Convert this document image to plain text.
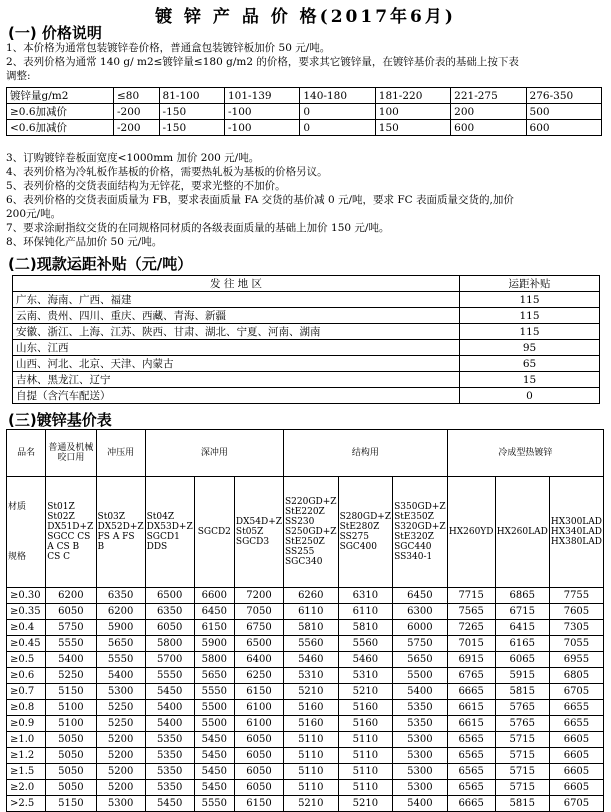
镀 锌 产 品 价 格(2017年6月)
(一) 价格说明
1、本价格为通常包装镀锌卷价格，普通盒包装镀锌板加价 50 元/吨。
2、表列价格为通常 140 g/ m2≤镀锌量≤180 g/m2 的价格，要求其它镀锌量，在镀锌基价表的基础上按下表
调整:
镀锌量g/m2	≤80	81-100	101-139	140-180	181-220	221-275	276-350
≥0.6加减价	-200	-150	-100	0	100	200	500
<0.6加减价	-200	-150	-100	0	150	600	600
3、订购镀锌卷板面宽度<1000mm 加价 200 元/吨。
4、表列价格为冷轧板作基板的价格，需要热轧板为基板的价格另议。
5、表列价格的交货表面结构为无锌花，要求光整的不加价。
6、表列价格的交货表面质量为 FB，要求表面质量 FA 交货的基价减 0 元/吨，要求 FC 表面质量交货的,加价
200元/吨。
7、要求涂耐指纹交货的在同规格同材质的各级表面质量的基础上加价 150 元/吨。
8、环保钝化产品加价 50 元/吨。
(二)现款运距补贴（元/吨）
发 往 地 区	运距补贴
广东、海南、广西、福建	115
云南、贵州、四川、重庆、西藏、青海、新疆	115
安徽、浙江、上海、江苏、陕西、甘肃、湖北、宁夏、河南、湖南	115
山东、江西	95
山西、河北、北京、天津、内蒙古	65
吉林、黑龙江、辽宁	15
自提（含汽车配送）	0
(三)镀锌基价表
品名	普通及机械咬口用	冲压用	深冲用			结构用			冷成型热镀锌		

材质
规格	St01Z St02Z DX51D+Z SGCC CS A CS B CS C	St03Z DX52D+Z FS A FS B	St04Z DX53D+Z SGCD1 DDS	SGCD2	DX54D+Z St05Z SGCD3	S220GD+Z StE220Z SS230 S250GD+Z StE250Z SS255 SGC340	S280GD+Z StE280Z SS275 SGC400	S350GD+Z StE350Z S320GD+Z StE320Z SGC440 SS340-1	HX260YD	HX260LAD	HX300LAD HX340LAD HX380LAD
≥0.30	6200	6350	6500	6600	7200	6260	6310	6450	7715	6865	7755
≥0.35	6050	6200	6350	6450	7050	6110	6110	6300	7565	6715	7605
≥0.4	5750	5900	6050	6150	6750	5810	5810	6000	7265	6415	7305
≥0.45	5550	5650	5800	5900	6500	5560	5560	5750	7015	6165	7055
≥0.5	5400	5550	5700	5800	6400	5460	5460	5650	6915	6065	6955
≥0.6	5250	5400	5550	5650	6250	5310	5310	5500	6765	5915	6805
≥0.7	5150	5300	5450	5550	6150	5210	5210	5400	6665	5815	6705
≥0.8	5100	5250	5400	5500	6100	5160	5160	5350	6615	5765	6655
≥0.9	5100	5250	5400	5500	6100	5160	5160	5350	6615	5765	6655
≥1.0	5050	5200	5350	5450	6050	5110	5110	5300	6565	5715	6605
≥1.2	5050	5200	5350	5450	6050	5110	5110	5300	6565	5715	6605
≥1.5	5050	5200	5350	5450	6050	5110	5110	5300	6565	5715	6605
≥2.0	5050	5200	5350	5450	6050	5110	5110	5300	6565	5715	6605
>2.5	5150	5300	5450	5550	6150	5210	5210	5400	6665	5815	6705
